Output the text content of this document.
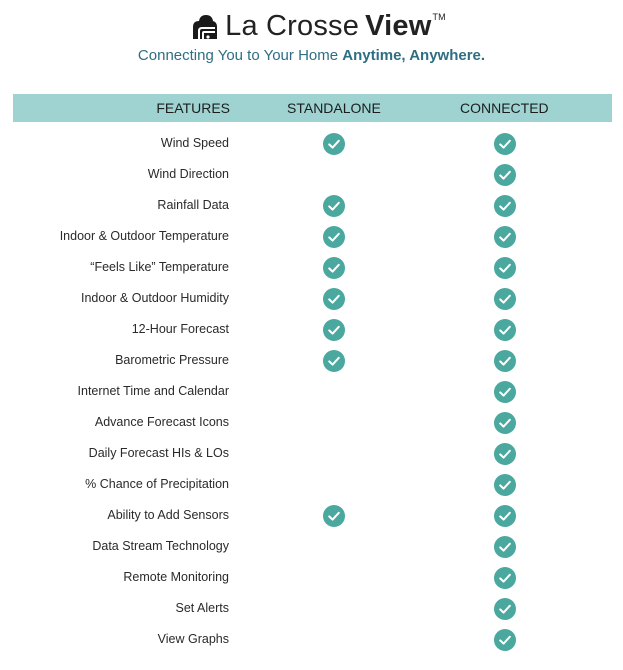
La Crosse View™
Connecting You to Your Home Anytime, Anywhere.
FEATURES	STANDALONE	CONNECTED
Wind Speed
Wind Direction
Rainfall Data
Indoor & Outdoor Temperature
“Feels Like” Temperature
Indoor & Outdoor Humidity
12-Hour Forecast
Barometric Pressure
Internet Time and Calendar
Advance Forecast Icons
Daily Forecast HIs & LOs
% Chance of Precipitation
Ability to Add Sensors
Data Stream Technology
Remote Monitoring
Set Alerts
View Graphs
